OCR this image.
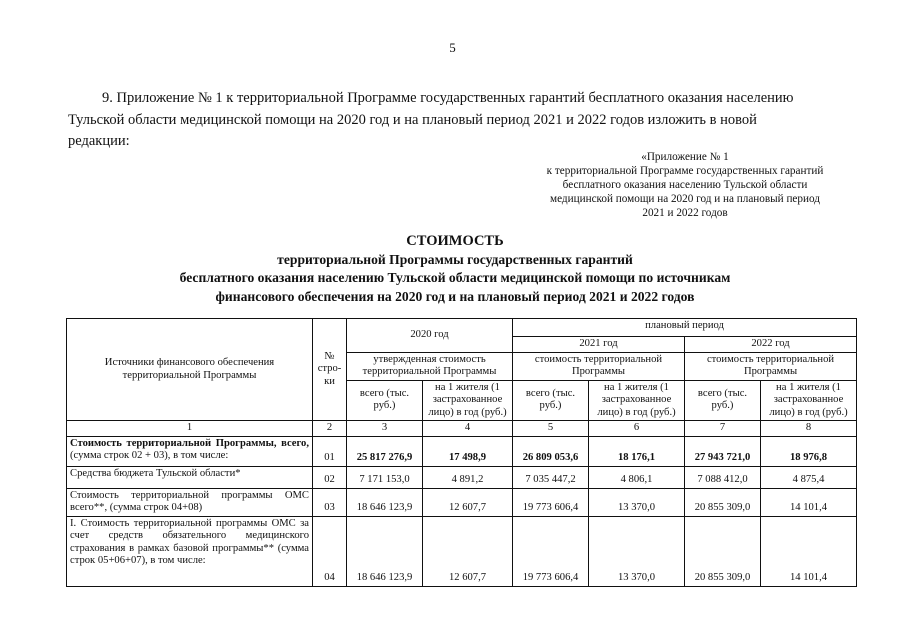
5
9. Приложение № 1 к территориальной Программе государственных гарантий бесплатного оказания населению
Тульской области медицинской помощи на 2020 год и на плановый период 2021 и 2022 годов изложить в новой
редакции:
«Приложение № 1
к территориальной Программе государственных гарантий
бесплатного оказания населению Тульской области
медицинской помощи на 2020 год и на плановый период
2021 и 2022 годов
СТОИМОСТЬ
территориальной Программы государственных гарантий
бесплатного оказания населению Тульской области медицинской помощи по источникам
финансового обеспечения на 2020 год и на плановый период 2021 и 2022 годов
Источники финансового обеспечения территориальной Программы	№ стро-ки	2020 год		плановый период			
				2021 год		2022 год	
		утвержденная стоимость территориальной Программы		стоимость территориальной Программы		стоимость территориальной Программы	
		всего (тыс. руб.)	на 1 жителя (1 застрахованное лицо) в год (руб.)	всего (тыс. руб.)	на 1 жителя (1 застрахованное лицо) в год (руб.)	всего (тыс. руб.)	на 1 жителя (1 застрахованное лицо) в год (руб.)
1	2	3	4	5	6	7	8
Стоимость территориальной Программы, всего, (сумма строк 02 + 03), в том числе:	01	25 817 276,9	17 498,9	26 809 053,6	18 176,1	27 943 721,0	18 976,8
Средства бюджета Тульской области*	02	7 171 153,0	4 891,2	7 035 447,2	4 806,1	7 088 412,0	4 875,4
Стоимость территориальной программы ОМС всего**, (сумма строк 04+08)	03	18 646 123,9	12 607,7	19 773 606,4	13 370,0	20 855 309,0	14 101,4
I. Стоимость территориальной программы ОМС за счет средств обязательного медицинского страхования в рамках базовой программы** (сумма строк 05+06+07), в том числе:	04	18 646 123,9	12 607,7	19 773 606,4	13 370,0	20 855 309,0	14 101,4
